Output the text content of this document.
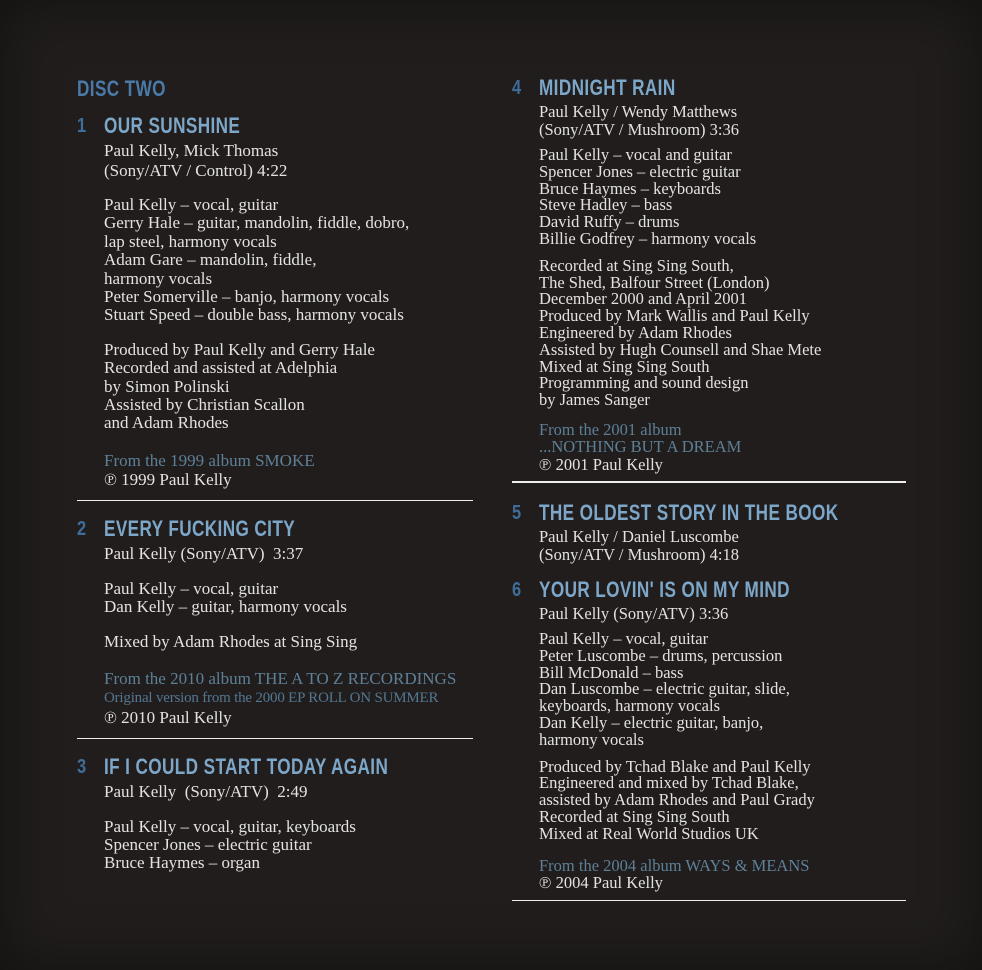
DISC TWO
1 OUR SUNSHINE
Paul Kelly, Mick Thomas
(Sony/ATV / Control) 4:22
Paul Kelly – vocal, guitar
Gerry Hale – guitar, mandolin, fiddle, dobro,
lap steel, harmony vocals
Adam Gare – mandolin, fiddle,
harmony vocals
Peter Somerville – banjo, harmony vocals
Stuart Speed – double bass, harmony vocals
Produced by Paul Kelly and Gerry Hale
Recorded and assisted at Adelphia
by Simon Polinski
Assisted by Christian Scallon
and Adam Rhodes
From the 1999 album SMOKE
℗ 1999 Paul Kelly
2 EVERY FUCKING CITY
Paul Kelly (Sony/ATV)  3:37
Paul Kelly – vocal, guitar
Dan Kelly – guitar, harmony vocals
Mixed by Adam Rhodes at Sing Sing
From the 2010 album THE A TO Z RECORDINGS
Original version from the 2000 EP ROLL ON SUMMER
℗ 2010 Paul Kelly
3 IF I COULD START TODAY AGAIN
Paul Kelly  (Sony/ATV)  2:49
Paul Kelly – vocal, guitar, keyboards
Spencer Jones – electric guitar
Bruce Haymes – organ
4 MIDNIGHT RAIN
Paul Kelly / Wendy Matthews
(Sony/ATV / Mushroom) 3:36
Paul Kelly – vocal and guitar
Spencer Jones – electric guitar
Bruce Haymes – keyboards
Steve Hadley – bass
David Ruffy – drums
Billie Godfrey – harmony vocals
Recorded at Sing Sing South,
The Shed, Balfour Street (London)
December 2000 and April 2001
Produced by Mark Wallis and Paul Kelly
Engineered by Adam Rhodes
Assisted by Hugh Counsell and Shae Mete
Mixed at Sing Sing South
Programming and sound design
by James Sanger
From the 2001 album
...NOTHING BUT A DREAM
℗ 2001 Paul Kelly
5 THE OLDEST STORY IN THE BOOK
Paul Kelly / Daniel Luscombe
(Sony/ATV / Mushroom) 4:18
6 YOUR LOVIN' IS ON MY MIND
Paul Kelly (Sony/ATV) 3:36
Paul Kelly – vocal, guitar
Peter Luscombe – drums, percussion
Bill McDonald – bass
Dan Luscombe – electric guitar, slide,
keyboards, harmony vocals
Dan Kelly – electric guitar, banjo,
harmony vocals
Produced by Tchad Blake and Paul Kelly
Engineered and mixed by Tchad Blake,
assisted by Adam Rhodes and Paul Grady
Recorded at Sing Sing South
Mixed at Real World Studios UK
From the 2004 album WAYS & MEANS
℗ 2004 Paul Kelly
